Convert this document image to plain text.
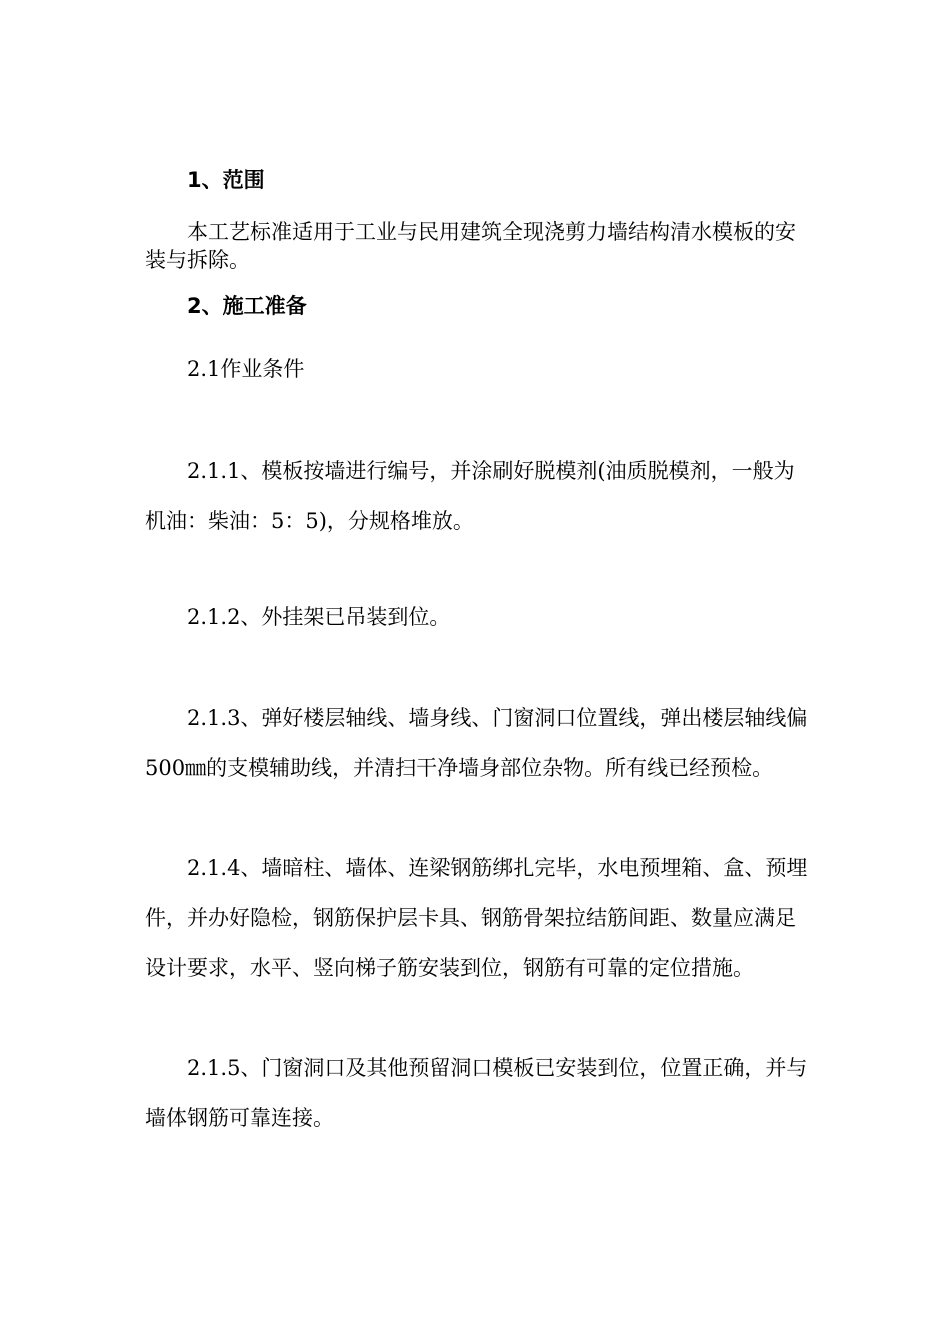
1、范围

本工艺标准适用于工业与民用建筑全现浇剪力墙结构清水模板的安装与拆除。

2、施工准备

2.1作业条件

2.1.1、模板按墙进行编号，并涂刷好脱模剂(油质脱模剂，一般为机油：柴油：5：5)，分规格堆放。

2.1.2、外挂架已吊装到位。

2.1.3、弹好楼层轴线、墙身线、门窗洞口位置线，弹出楼层轴线偏500㎜的支模辅助线，并清扫干净墙身部位杂物。所有线已经预检。

2.1.4、墙暗柱、墙体、连梁钢筋绑扎完毕，水电预埋箱、盒、预埋件，并办好隐检，钢筋保护层卡具、钢筋骨架拉结筋间距、数量应满足设计要求，水平、竖向梯子筋安装到位，钢筋有可靠的定位措施。

2.1.5、门窗洞口及其他预留洞口模板已安装到位，位置正确，并与墙体钢筋可靠连接。
